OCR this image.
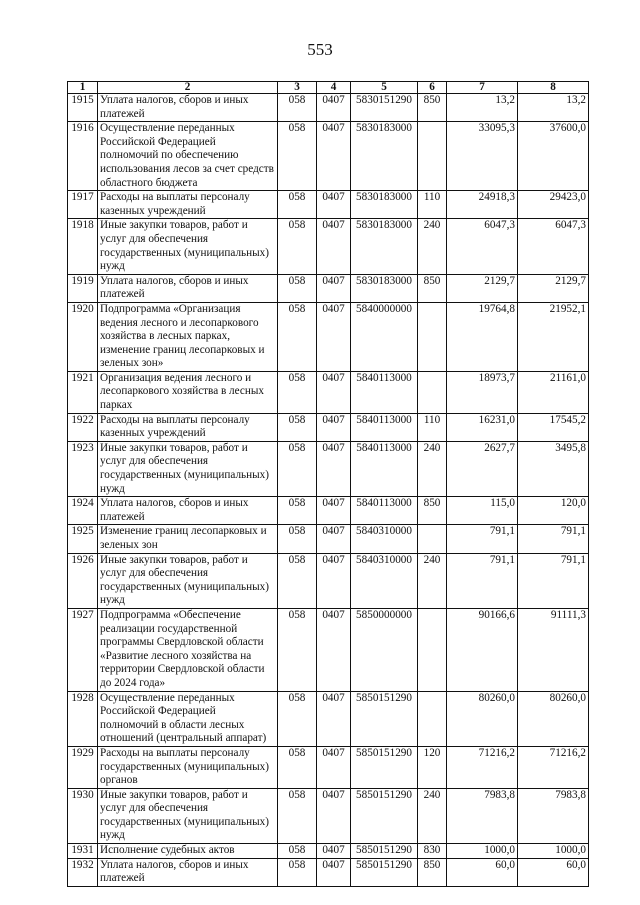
553
1	2	3	4	5	6	7	8
1915	Уплата налогов, сборов и иных платежей	058	0407	5830151290	850	13,2	13,2
1916	Осуществление переданных Российской Федерацией полномочий по обеспечению использования лесов за счет средств областного бюджета	058	0407	5830183000		33095,3	37600,0
1917	Расходы на выплаты персоналу казенных учреждений	058	0407	5830183000	110	24918,3	29423,0
1918	Иные закупки товаров, работ и услуг для обеспечения государственных (муниципальных) нужд	058	0407	5830183000	240	6047,3	6047,3
1919	Уплата налогов, сборов и иных платежей	058	0407	5830183000	850	2129,7	2129,7
1920	Подпрограмма «Организация ведения лесного и лесопаркового хозяйства в лесных парках, изменение границ лесопарковых и зеленых зон»	058	0407	5840000000		19764,8	21952,1
1921	Организация ведения лесного и лесопаркового хозяйства в лесных парках	058	0407	5840113000		18973,7	21161,0
1922	Расходы на выплаты персоналу казенных учреждений	058	0407	5840113000	110	16231,0	17545,2
1923	Иные закупки товаров, работ и услуг для обеспечения государственных (муниципальных) нужд	058	0407	5840113000	240	2627,7	3495,8
1924	Уплата налогов, сборов и иных платежей	058	0407	5840113000	850	115,0	120,0
1925	Изменение границ лесопарковых и зеленых зон	058	0407	5840310000		791,1	791,1
1926	Иные закупки товаров, работ и услуг для обеспечения государственных (муниципальных) нужд	058	0407	5840310000	240	791,1	791,1
1927	Подпрограмма «Обеспечение реализации государственной программы Свердловской области «Развитие лесного хозяйства на территории Свердловской области до 2024 года»	058	0407	5850000000		90166,6	91111,3
1928	Осуществление переданных Российской Федерацией полномочий в области лесных отношений (центральный аппарат)	058	0407	5850151290		80260,0	80260,0
1929	Расходы на выплаты персоналу государственных (муниципальных) органов	058	0407	5850151290	120	71216,2	71216,2
1930	Иные закупки товаров, работ и услуг для обеспечения государственных (муниципальных) нужд	058	0407	5850151290	240	7983,8	7983,8
1931	Исполнение судебных актов	058	0407	5850151290	830	1000,0	1000,0
1932	Уплата налогов, сборов и иных платежей	058	0407	5850151290	850	60,0	60,0
